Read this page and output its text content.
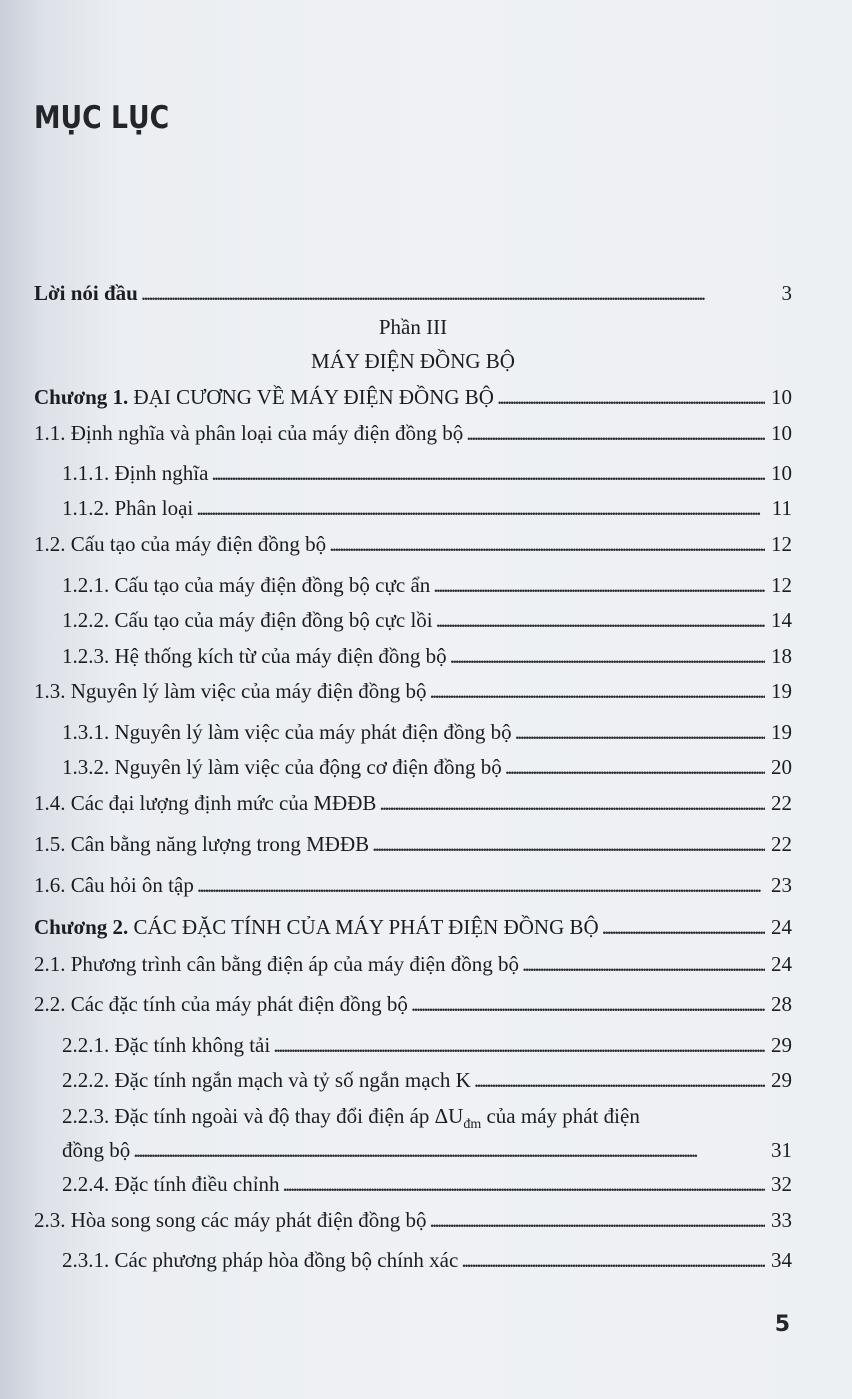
MỤC LỤC
Lời nói đầu . . .	3
Phần III
MÁY ĐIỆN ĐỒNG BỘ
Chương 1. ĐẠI CƯƠNG VỀ MÁY ĐIỆN ĐỒNG BỘ . . .	10
1.1. Định nghĩa và phân loại của máy điện đồng bộ . . .	10
1.1.1. Định nghĩa . . .	10
1.1.2. Phân loại . . .	11
1.2. Cấu tạo của máy điện đồng bộ . . .	12
1.2.1. Cấu tạo của máy điện đồng bộ cực ẩn . . .	12
1.2.2. Cấu tạo của máy điện đồng bộ cực lồi . . .	14
1.2.3. Hệ thống kích từ của máy điện đồng bộ . . .	18
1.3. Nguyên lý làm việc của máy điện đồng bộ . . .	19
1.3.1. Nguyên lý làm việc của máy phát điện đồng bộ . . .	19
1.3.2. Nguyên lý làm việc của động cơ điện đồng bộ . . .	20
1.4. Các đại lượng định mức của MĐĐB . . .	22
1.5. Cân bằng năng lượng trong MĐĐB . . .	22
1.6. Câu hỏi ôn tập . . .	23
Chương 2. CÁC ĐẶC TÍNH CỦA MÁY PHÁT ĐIỆN ĐỒNG BỘ . . .	24
2.1. Phương trình cân bằng điện áp của máy điện đồng bộ . . .	24
2.2. Các đặc tính của máy phát điện đồng bộ . . .	28
2.2.1. Đặc tính không tải . . .	29
2.2.2. Đặc tính ngắn mạch và tỷ số ngắn mạch K . . .	29
2.2.3. Đặc tính ngoài và độ thay đổi điện áp $\Delta U_{đm}$ của máy phát điện
đồng bộ . . .	31
2.2.4. Đặc tính điều chỉnh . . .	32
2.3. Hòa song song các máy phát điện đồng bộ . . .	33
2.3.1. Các phương pháp hòa đồng bộ chính xác . . .	34
5
